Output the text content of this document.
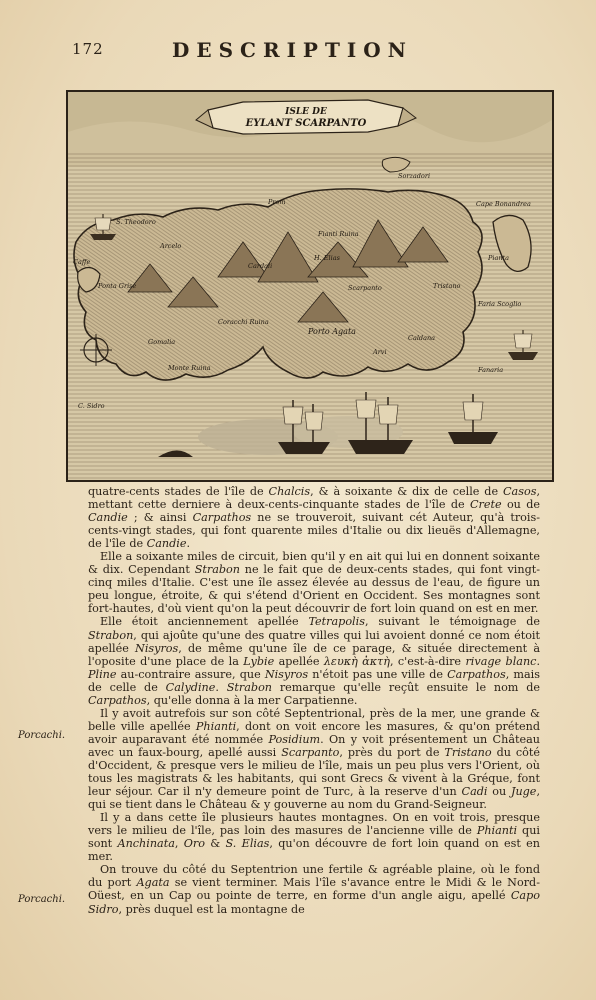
172	DESCRIPTION
ISLE DE
EYLANT SCARPANTO
Sorzadori
Cape Bonandrea
Prom
S. Theodoro
Fianti Ruina
Arcelo
Ponta Grise
Caffe	H. Elias
Cardali
Scarpanto	Tristano
Pianta
Porto Agata
Coracchi Ruina
Gomalia
Monte Ruina
Faria Scoglio
Fanaria
C. Sidro
Caldana
Arvi

quatre-cents stades de l'île de Chalcis, & à soixante & dix de celle de Casos, mettant cette derniere à deux-cents-cinquante stades de l'île de Crete ou de Candie ; & ainsi Carpathos ne se trouveroit, suivant cét Auteur, qu'à trois-cents-vingt stades, qui font quarente miles d'Italie ou dix lieuës d'Allemagne, de l'île de Candie.

Elle a soixante miles de circuit, bien qu'il y en ait qui lui en donnent soixante & dix. Cependant Strabon ne le fait que de deux-cents stades, qui font vingt-cinq miles d'Italie. C'est une île assez élevée au dessus de l'eau, de figure un peu longue, étroite, & qui s'étend d'Orient en Occident. Ses montagnes sont fort-hautes, d'où vient qu'on la peut découvrir de fort loin quand on est en mer.

Elle étoit anciennement apellée Tetrapolis, suivant le témoignage de Strabon, qui ajoûte qu'une des quatre villes qui lui avoient donné ce nom étoit apellée Nisyros, de même qu'une île de ce parage, & située directement à l'oposite d'une place de la Lybie apellée λευκὴ ἀκτὴ, c'est-à-dire rivage blanc. Pline au-contraire assure, que Nisyros n'étoit pas une ville de Carpathos, mais de celle de Calydine. Strabon remarque qu'elle reçût ensuite le nom de Carpathos, qu'elle donna à la mer Carpatienne.

Il y avoit autrefois sur son côté Septentrional, près de la mer, une grande & belle ville apellée Phianti, dont on voit encore les masures, & qu'on prétend avoir auparavant été nommée Posidium. On y voit présentement un Château avec un faux-bourg, apellé aussi Scarpanto, près du port de Tristano du côté d'Occident, & presque vers le milieu de l'île, mais un peu plus vers l'Orient, où tous les magistrats & les habitants, qui sont Grecs & vivent à la Gréque, font leur séjour. Car il n'y demeure point de Turc, à la reserve d'un Cadi ou Juge, qui se tient dans le Château & y gouverne au nom du Grand-Seigneur.

Il y a dans cette île plusieurs hautes montagnes. On en voit trois, presque vers le milieu de l'île, pas loin des masures de l'ancienne ville de Phianti qui sont Anchinata, Oro & S. Elias, qu'on découvre de fort loin quand on est en mer.

On trouve du côté du Septentrion une fertile & agréable plaine, où le fond du port Agata se vient terminer. Mais l'île s'avance entre le Midi & le Nord-Oüest, en un Cap ou pointe de terre, en forme d'un angle aigu, apellé Capo Sidro, près duquel est la montagne de

Porcachi.
Porcachi.
